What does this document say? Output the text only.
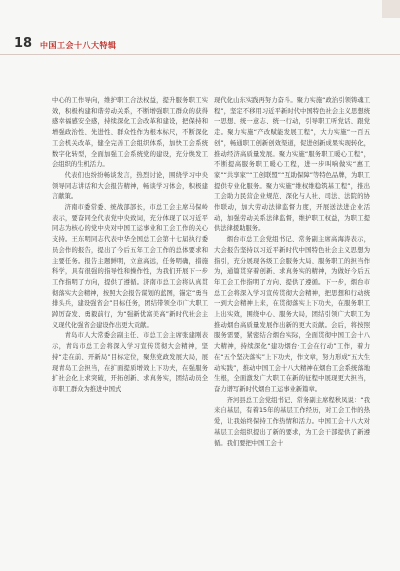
18 中国工会十八大特辑

中心的工作导向，维护职工合法权益，提升服务职工实效，积极构建和谐劳动关系，不断增强职工群众的获得感幸福感安全感，持续深化工会改革和建设，把保持和增强政治性、先进性、群众性作为根本标尺，不断深化工会机关改革，健全完善工会组织体系，加快工会系统数字化转型，全面加强工会系统党的建设，充分焕发工会组织的生机活力。

代表们也纷纷畅谈发言，热烈讨论，围绕学习中央领导同志讲话和大会报告精神，畅谈学习体会，积极建言献策。

济南市委常委、统战部部长，市总工会主席马保岭表示，要奋同全代表党中央致词，充分体现了以习近平同志为核心的党中央对中国工运事业和工会工作的关心支持。王东明同志代表中华全国总工会第十七届执行委员会作的报告，提出了今后五年工会工作的总体要求和主要任务。报告主题鲜明，立意高远，任务明确，措施科学，具有很强的指导性和操作性，为我们开展下一步工作指明了方向，提供了遵循。济南市总工会将认真贯彻落实大会精神，按照大会报告谋划的蓝图，锚定“勇当排头兵，建设强省会”目标任务，团结带领全市广大职工踔厉奋发、勇毅前行，为“强新优富美高”新时代社会主义现代化强省会建设作出更大贡献。

青岛市人大常委会副主任、市总工会主席张建刚表示，青岛市总工会将深入学习宣传贯彻大会精神，坚持“走在前、开新局”目标定位，聚焦党政发展大局，展现青岛工会担当，在扩面提质增效上下功夫，在强服务扩社会化上求突破，开拓创新、求真务实，团结动员全市职工群众为推进中国式

现代化山东实践再努力奋斗。聚力实施“政治引领铸魂工程”，坚定不移用习近平新时代中国特色社会主义思想统一思想、统一意志、统一行动，引导职工听党话、跟党走。聚力实施“产改赋能发展工程”，大力实施“一百五创”，畅通职工创新创效渠道，促进创新成果实现转化，推动经济高质量发展。聚力实施“服务职工暖心工程”，不断提高服务职工暖心工程，进一步叫响做实“惠工家”“共享家”“工创联盟”“互助保障”等特色品牌，为职工提供专业化服务。聚力实施“维权维稳筑基工程”，推出工会助力民营企业规范、深化与人社、司法、法院的协作联动，加大劳动法律监督力度，开展送法进企业活动，加强劳动关系法律监督，维护职工权益，为职工提供法律援助服务。

烟台市总工会党组书记、常务副主席高海涛表示，大会报告坚持以习近平新时代中国特色社会主义思想为指引，充分展现各级工会服务大局、服务职工的担当作为，通篇贯穿着创新、求真务实的精神，为做好今后五年工会工作指明了方向、提供了遵循。下一步，烟台市总工会将深入学习宣传贯彻大会精神，把思想和行动统一到大会精神上来，在贯彻落实上下功夫，在服务职工上出实效，围绕中心、服务大局，团结引领广大职工为推动烟台高质量发展作出新的更大贡献。会后，将按照服务需要，紧密结合烟台实际，全面贯彻中国工会十八大精神，持续深化“建功烟台·工会在行动”工作，着力在“五个坚决落实”上下功夫，作文章，努力形成“五大生动实践”，推动中国工会十八大精神在烟台工会系统落地生根，全面激发广大职工在新的征程中展现更大担当，奋力谱写新时代烟台工运事业新篇章。

齐河县总工会党组书记、常务副主席程秋凤说：“我来自基层，有着15年的基层工作经历，对工会工作的热爱，让我始终保持工作热情和活力。中国工会十八大对基层工会组织提出了新的要求，为工会干部提供了新遵循。我们要把中国工会十
